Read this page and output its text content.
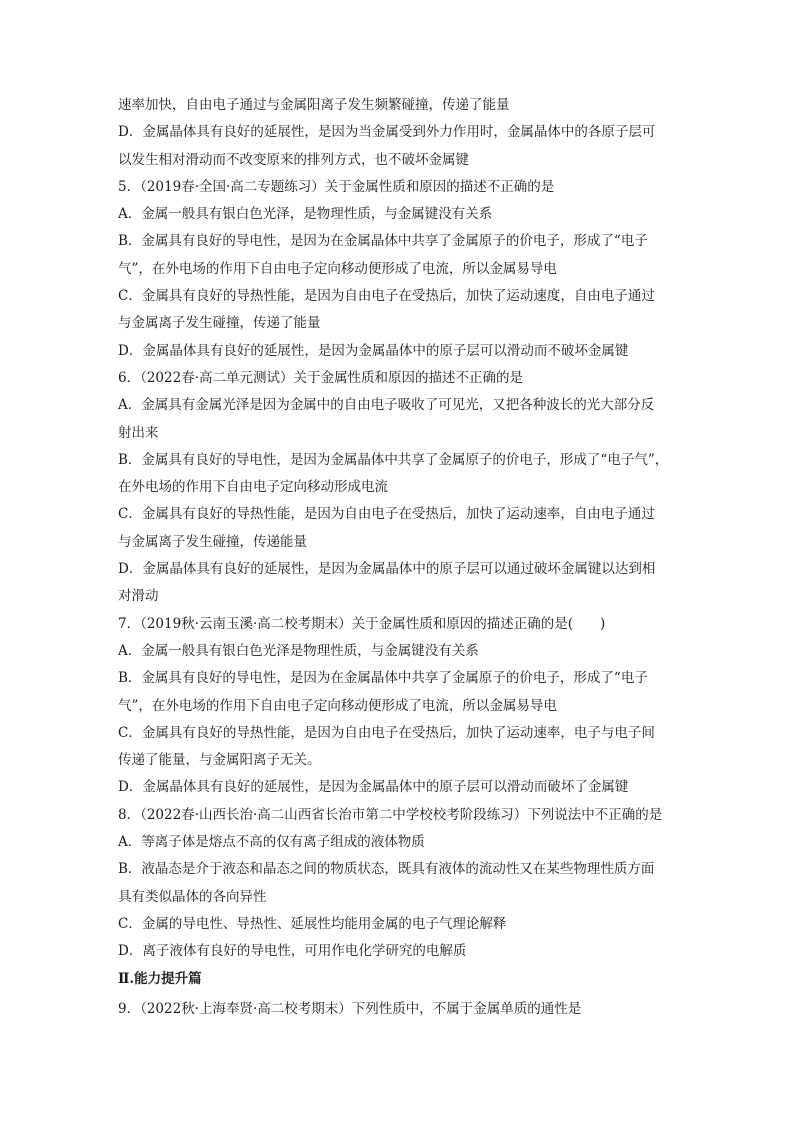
速率加快，自由电子通过与金属阳离子发生频繁碰撞，传递了能量
D．金属晶体具有良好的延展性，是因为当金属受到外力作用时，金属晶体中的各原子层可
以发生相对滑动而不改变原来的排列方式，也不破坏金属键
5．（2019春·全国·高二专题练习）关于金属性质和原因的描述不正确的是
A．金属一般具有银白色光泽，是物理性质，与金属键没有关系
B．金属具有良好的导电性，是因为在金属晶体中共享了金属原子的价电子，形成了“电子
气”，在外电场的作用下自由电子定向移动便形成了电流，所以金属易导电
C．金属具有良好的导热性能，是因为自由电子在受热后，加快了运动速度，自由电子通过
与金属离子发生碰撞，传递了能量
D．金属晶体具有良好的延展性，是因为金属晶体中的原子层可以滑动而不破坏金属键
6．（2022春·高二单元测试）关于金属性质和原因的描述不正确的是
A．金属具有金属光泽是因为金属中的自由电子吸收了可见光，又把各种波长的光大部分反
射出来
B．金属具有良好的导电性，是因为金属晶体中共享了金属原子的价电子，形成了“电子气”，
在外电场的作用下自由电子定向移动形成电流
C．金属具有良好的导热性能，是因为自由电子在受热后，加快了运动速率，自由电子通过
与金属离子发生碰撞，传递能量
D．金属晶体具有良好的延展性，是因为金属晶体中的原子层可以通过破坏金属键以达到相
对滑动
7．（2019秋·云南玉溪·高二校考期末）关于金属性质和原因的描述正确的是(　　)
A．金属一般具有银白色光泽是物理性质，与金属键没有关系
B．金属具有良好的导电性，是因为在金属晶体中共享了金属原子的价电子，形成了“电子
气”，在外电场的作用下自由电子定向移动便形成了电流，所以金属易导电
C．金属具有良好的导热性能，是因为自由电子在受热后，加快了运动速率，电子与电子间
传递了能量，与金属阳离子无关。
D．金属晶体具有良好的延展性，是因为金属晶体中的原子层可以滑动而破坏了金属键
8．（2022春·山西长治·高二山西省长治市第二中学校校考阶段练习）下列说法中不正确的是
A．等离子体是熔点不高的仅有离子组成的液体物质
B．液晶态是介于液态和晶态之间的物质状态，既具有液体的流动性又在某些物理性质方面
具有类似晶体的各向异性
C．金属的导电性、导热性、延展性均能用金属的电子气理论解释
D．离子液体有良好的导电性，可用作电化学研究的电解质
Ⅱ.能力提升篇
9．（2022秋·上海奉贤·高二校考期末）下列性质中，不属于金属单质的通性是
